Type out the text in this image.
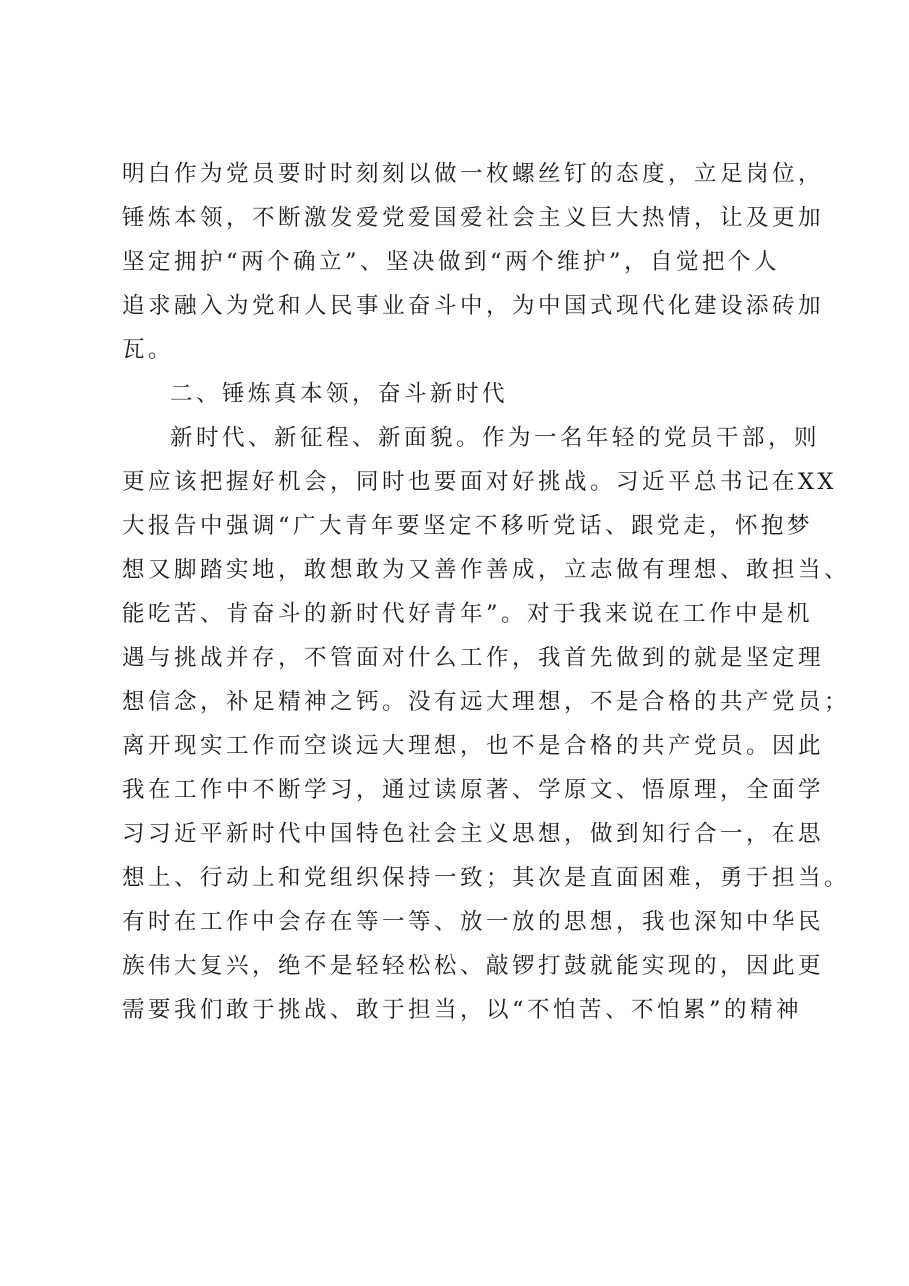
明白作为党员要时时刻刻以做一枚螺丝钉的态度，立足岗位，
锤炼本领，不断激发爱党爱国爱社会主义巨大热情，让及更加
坚定拥护“两个确立”、坚决做到“两个维护”，自觉把个人
追求融入为党和人民事业奋斗中，为中国式现代化建设添砖加
瓦。
二、锤炼真本领，奋斗新时代
新时代、新征程、新面貌。作为一名年轻的党员干部，则
更应该把握好机会，同时也要面对好挑战。习近平总书记在XX
大报告中强调“广大青年要坚定不移听党话、跟党走，怀抱梦
想又脚踏实地，敢想敢为又善作善成，立志做有理想、敢担当、
能吃苦、肯奋斗的新时代好青年”。对于我来说在工作中是机
遇与挑战并存，不管面对什么工作，我首先做到的就是坚定理
想信念，补足精神之钙。没有远大理想，不是合格的共产党员；
离开现实工作而空谈远大理想，也不是合格的共产党员。因此
我在工作中不断学习，通过读原著、学原文、悟原理，全面学
习习近平新时代中国特色社会主义思想，做到知行合一，在思
想上、行动上和党组织保持一致；其次是直面困难，勇于担当。
有时在工作中会存在等一等、放一放的思想，我也深知中华民
族伟大复兴，绝不是轻轻松松、敲锣打鼓就能实现的，因此更
需要我们敢于挑战、敢于担当，以“不怕苦、不怕累”的精神
